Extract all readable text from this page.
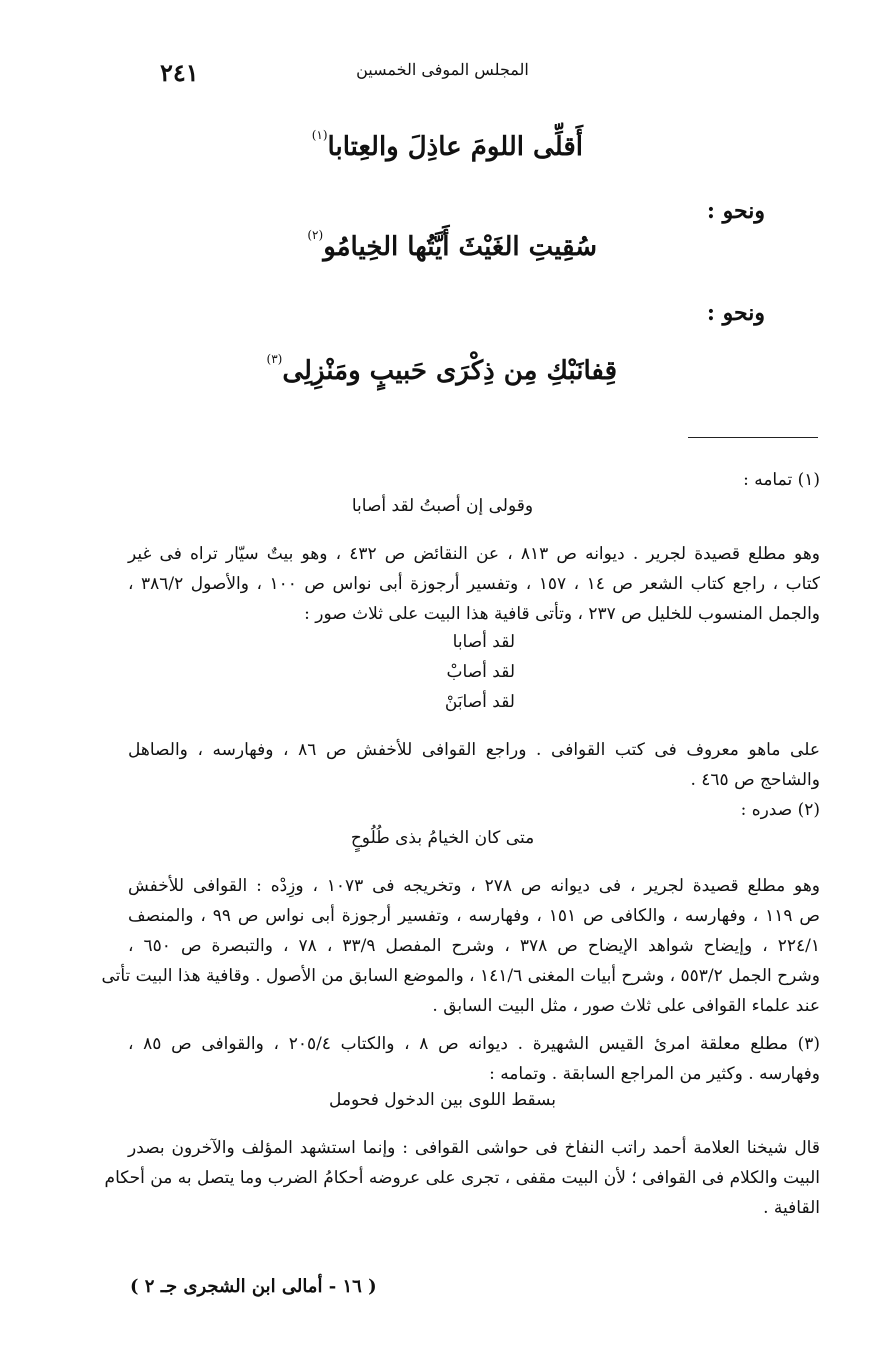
٢٤١	المجلس الموفى الخمسين
أَقلِّى اللومَ عاذِلَ والعِتابا$^{(١)}$
ونحو :
سُقِيتِ الغَيْثَ أَيَّتُها الخِيامُو$^{(٢)}$
ونحو :
قِفانَبْكِ مِن ذِكْرَى حَبيبٍ ومَنْزِلِى$^{(٣)}$
(١) تمامه :
وقولى إن أصبتُ لقد أصابا
وهو مطلع قصيدة لجرير . ديوانه ص ٨١٣ ، عن النقائض ص ٤٣٢ ، وهو بيتٌ سيّار تراه فى غير
كتاب ، راجع كتاب الشعر ص ١٤ ، ١٥٧ ، وتفسير أرجوزة أبى نواس ص ١٠٠ ، والأصول ٣٨٦/٢ ،
والجمل المنسوب للخليل ص ٢٣٧ ، وتأتى قافية هذا البيت على ثلاث صور :
لقد أصابا
لقد أصابْ
لقد أصابَنْ
على ماهو معروف فى كتب القوافى . وراجع القوافى للأخفش ص ٨٦ ، وفهارسه ، والصاهل
والشاحج ص ٤٦٥ .
(٢) صدره :
متى كان الخيامُ بذى طُلُوحٍ
وهو مطلع قصيدة لجرير ، فى ديوانه ص ٢٧٨ ، وتخريجه فى ١٠٧٣ ، وزِدْه : القوافى للأخفش
ص ١١٩ ، وفهارسه ، والكافى ص ١٥١ ، وفهارسه ، وتفسير أرجوزة أبى نواس ص ٩٩ ، والمنصف
٢٢٤/١ ، وإيضاح شواهد الإيضاح ص ٣٧٨ ، وشرح المفصل ٣٣/٩ ، ٧٨ ، والتبصرة ص ٦٥٠ ،
وشرح الجمل ٥٥٣/٢ ، وشرح أبيات المغنى ١٤١/٦ ، والموضع السابق من الأصول . وقافية هذا البيت تأتى
عند علماء القوافى على ثلاث صور ، مثل البيت السابق .
(٣) مطلع معلقة امرئ القيس الشهيرة . ديوانه ص ٨ ، والكتاب ٢٠٥/٤ ، والقوافى ص ٨٥ ،
وفهارسه . وكثير من المراجع السابقة . وتمامه :
بسقط اللوى بين الدخول فحومل
قال شيخنا العلامة أحمد راتب النفاخ فى حواشى القوافى : وإنما استشهد المؤلف والآخرون بصدر
البيت والكلام فى القوافى ؛ لأن البيت مقفى ، تجرى على عروضه أحكامُ الضرب وما يتصل به من أحكام
القافية .
( ١٦ - أمالى ابن الشجرى جـ ٢ )
